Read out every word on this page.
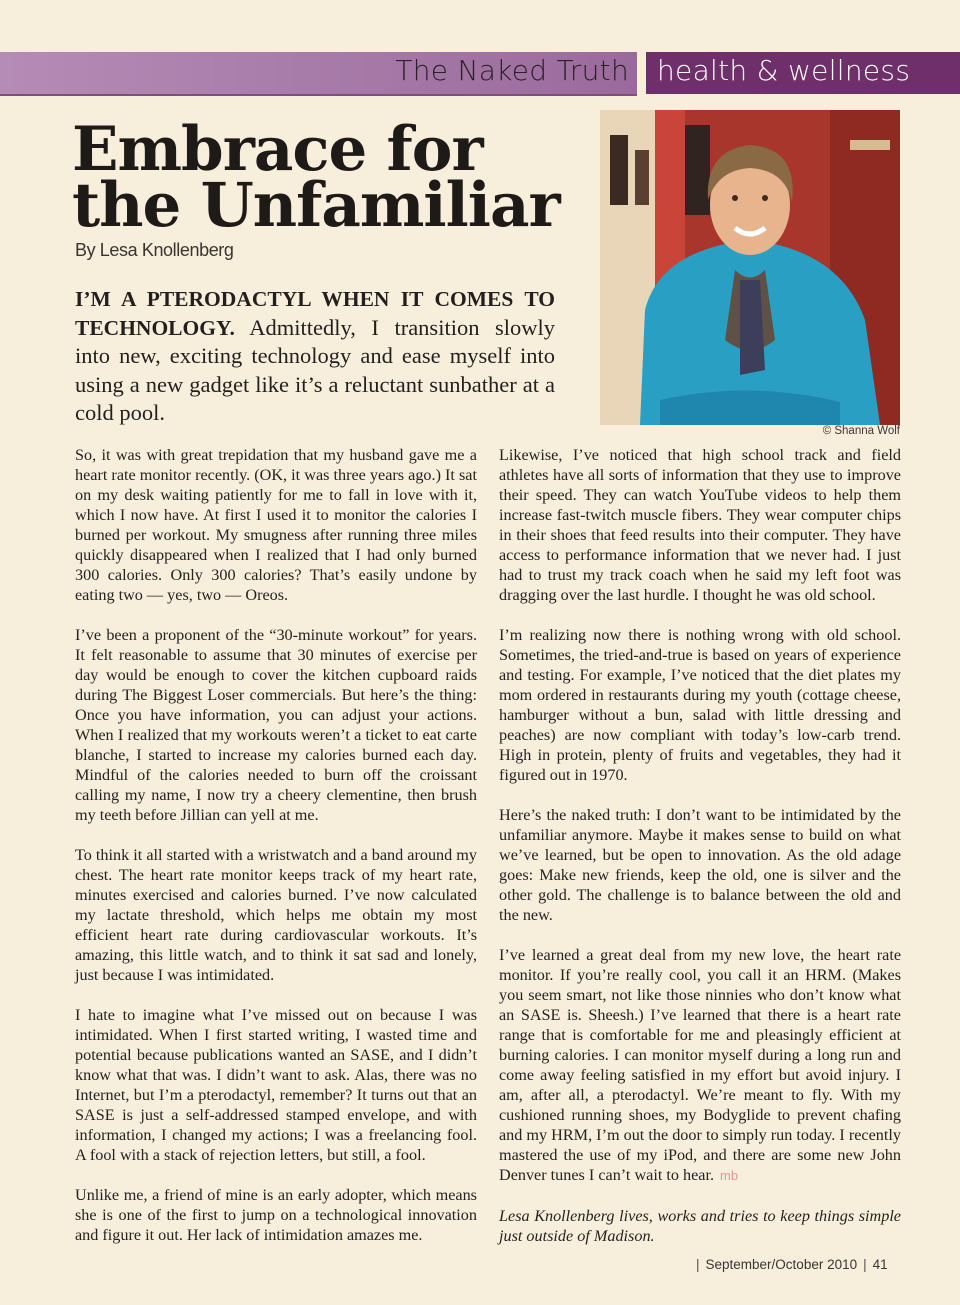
The Naked Truth health & wellness
Embrace for the Unfamiliar
By Lesa Knollenberg

I’M A PTERODACTYL WHEN IT COMES TO TECHNOLOGY. Admittedly, I transition slowly into new, exciting technology and ease myself into using a new gadget like it’s a reluctant sunbather at a cold pool.

© Shanna Wolf

So, it was with great trepidation that my husband gave me a heart rate monitor recently. (OK, it was three years ago.) It sat on my desk waiting patiently for me to fall in love with it, which I now have. At first I used it to monitor the calories I burned per workout. My smugness after running three miles quickly disappeared when I realized that I had only burned 300 calories. Only 300 calories? That’s easily undone by eating two — yes, two — Oreos.

I’ve been a proponent of the “30-minute workout” for years. It felt reasonable to assume that 30 minutes of exercise per day would be enough to cover the kitchen cupboard raids during The Biggest Loser commercials. But here’s the thing: Once you have information, you can adjust your actions. When I realized that my workouts weren’t a ticket to eat carte blanche, I started to increase my calories burned each day. Mindful of the calories needed to burn off the croissant calling my name, I now try a cheery clementine, then brush my teeth before Jillian can yell at me.

To think it all started with a wristwatch and a band around my chest. The heart rate monitor keeps track of my heart rate, minutes exercised and calories burned. I’ve now calculated my lactate threshold, which helps me obtain my most efficient heart rate during cardiovascular workouts. It’s amazing, this little watch, and to think it sat sad and lonely, just because I was intimidated.

I hate to imagine what I’ve missed out on because I was intimidated. When I first started writing, I wasted time and potential because publications wanted an SASE, and I didn’t know what that was. I didn’t want to ask. Alas, there was no Internet, but I’m a pterodactyl, remember? It turns out that an SASE is just a self-addressed stamped envelope, and with information, I changed my actions; I was a freelancing fool. A fool with a stack of rejection letters, but still, a fool.

Unlike me, a friend of mine is an early adopter, which means she is one of the first to jump on a technological innovation and figure it out. Her lack of intimidation amazes me.

Likewise, I’ve noticed that high school track and field athletes have all sorts of information that they use to improve their speed. They can watch YouTube videos to help them increase fast-twitch muscle fibers. They wear computer chips in their shoes that feed results into their computer. They have access to performance information that we never had. I just had to trust my track coach when he said my left foot was dragging over the last hurdle. I thought he was old school.

I’m realizing now there is nothing wrong with old school. Sometimes, the tried-and-true is based on years of experience and testing. For example, I’ve noticed that the diet plates my mom ordered in restaurants during my youth (cottage cheese, hamburger without a bun, salad with little dressing and peaches) are now compliant with today’s low-carb trend. High in protein, plenty of fruits and vegetables, they had it figured out in 1970.

Here’s the naked truth: I don’t want to be intimidated by the unfamiliar anymore. Maybe it makes sense to build on what we’ve learned, but be open to innovation. As the old adage goes: Make new friends, keep the old, one is silver and the other gold. The challenge is to balance between the old and the new.

I’ve learned a great deal from my new love, the heart rate monitor. If you’re really cool, you call it an HRM. (Makes you seem smart, not like those ninnies who don’t know what an SASE is. Sheesh.) I’ve learned that there is a heart rate range that is comfortable for me and pleasingly efficient at burning calories. I can monitor myself during a long run and come away feeling satisfied in my effort but avoid injury. I am, after all, a pterodactyl. We’re meant to fly. With my cushioned running shoes, my Bodyglide to prevent chafing and my HRM, I’m out the door to simply run today. I recently mastered the use of my iPod, and there are some new John Denver tunes I can’t wait to hear. mb

Lesa Knollenberg lives, works and tries to keep things simple just outside of Madison.

| September/October 2010 | 41
